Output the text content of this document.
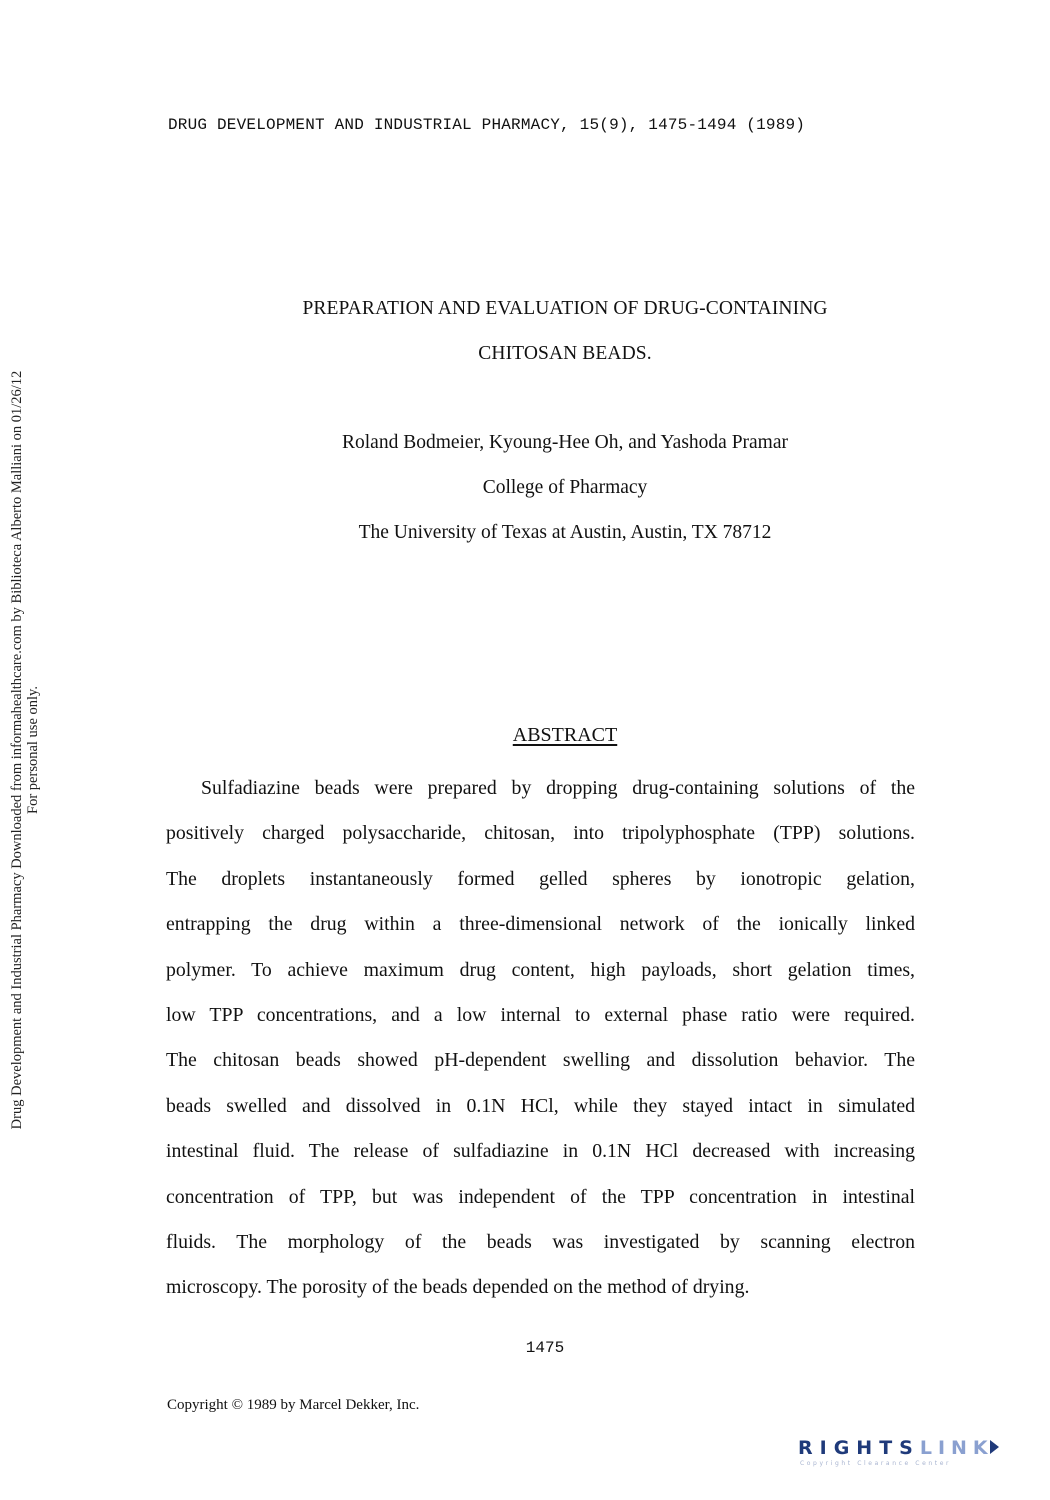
DRUG DEVELOPMENT AND INDUSTRIAL PHARMACY, 15(9), 1475-1494 (1989)
Drug Development and Industrial Pharmacy Downloaded from informahealthcare.com by Biblioteca Alberto Malliani on 01/26/12 For personal use only.
PREPARATION AND EVALUATION OF DRUG-CONTAINING
CHITOSAN BEADS.
Roland Bodmeier, Kyoung-Hee Oh, and Yashoda Pramar
College of Pharmacy
The University of Texas at Austin, Austin, TX 78712
ABSTRACT
Sulfadiazine beads were prepared by dropping drug-containing solutions of the
positively charged polysaccharide, chitosan, into tripolyphosphate (TPP) solutions.
The droplets instantaneously formed gelled spheres by ionotropic gelation,
entrapping the drug within a three-dimensional network of the ionically linked
polymer. To achieve maximum drug content, high payloads, short gelation times,
low TPP concentrations, and a low internal to external phase ratio were required.
The chitosan beads showed pH-dependent swelling and dissolution behavior. The
beads swelled and dissolved in 0.1N HCl, while they stayed intact in simulated
intestinal fluid. The release of sulfadiazine in 0.1N HCl decreased with increasing
concentration of TPP, but was independent of the TPP concentration in intestinal
fluids. The morphology of the beads was investigated by scanning electron
microscopy. The porosity of the beads depended on the method of drying.
1475
Copyright © 1989 by Marcel Dekker, Inc.
RIGHTSLINK
Copyright Clearance Center
